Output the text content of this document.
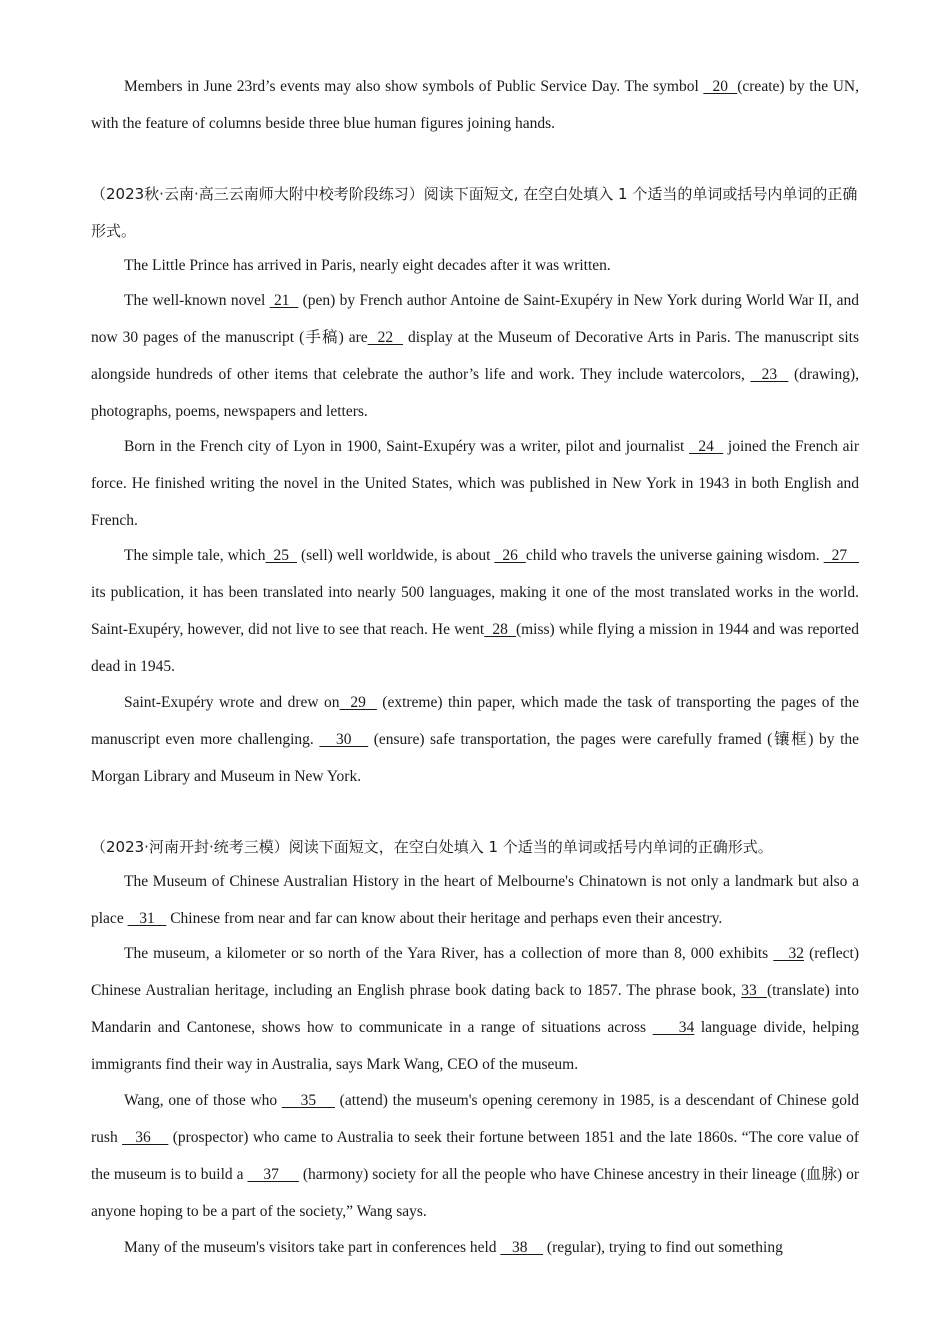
Members in June 23rd’s events may also show symbols of Public Service Day. The symbol   20  (create) by the UN, with the feature of columns beside three blue human figures joining hands.
（2023秋·云南·高三云南师大附中校考阶段练习）阅读下面短文, 在空白处填入 1 个适当的单词或括号内单词的正确形式。
The Little Prince has arrived in Paris, nearly eight decades after it was written.
The well-known novel  21   (pen) by French author Antoine de Saint-Exupéry in New York during World War II, and now 30 pages of the manuscript (手稿) are  22   display at the Museum of Decorative Arts in Paris. The manuscript sits alongside hundreds of other items that celebrate the author’s life and work. They include watercolors,   23   (drawing), photographs, poems, newspapers and letters.
Born in the French city of Lyon in 1900, Saint-Exupéry was a writer, pilot and journalist   24   joined the French air force. He finished writing the novel in the United States, which was published in New York in 1943 in both English and French.
The simple tale, which  25   (sell) well worldwide, is about   26  child who travels the universe gaining wisdom.   27    its publication, it has been translated into nearly 500 languages, making it one of the most translated works in the world. Saint-Exupéry, however, did not live to see that reach. He went  28  (miss) while flying a mission in 1944 and was reported dead in 1945.
Saint-Exupéry wrote and drew on  29   (extreme) thin paper, which made the task of transporting the pages of the manuscript even more challenging.    30    (ensure) safe transportation, the pages were carefully framed (镶框) by the Morgan Library and Museum in New York.
（2023·河南开封·统考三模）阅读下面短文，在空白处填入 1 个适当的单词或括号内单词的正确形式。
The Museum of Chinese Australian History in the heart of Melbourne's Chinatown is not only a landmark but also a place    31    Chinese from near and far can know about their heritage and perhaps even their ancestry.
The museum, a kilometer or so north of the Yara River, has a collection of more than 8, 000 exhibits    32 (reflect) Chinese Australian heritage, including an English phrase book dating back to 1857. The phrase book, 33  (translate) into Mandarin and Cantonese, shows how to communicate in a range of situations across     34 language divide, helping immigrants find their way in Australia, says Mark Wang, CEO of the museum.
Wang, one of those who     35     (attend) the museum's opening ceremony in 1985, is a descendant of Chinese gold rush    36     (prospector) who came to Australia to seek their fortune between 1851 and the late 1860s. “The core value of the museum is to build a     37      (harmony) society for all the people who have Chinese ancestry in their lineage (血脉) or anyone hoping to be a part of the society,” Wang says.
Many of the museum's visitors take part in conferences held    38     (regular), trying to find out something
